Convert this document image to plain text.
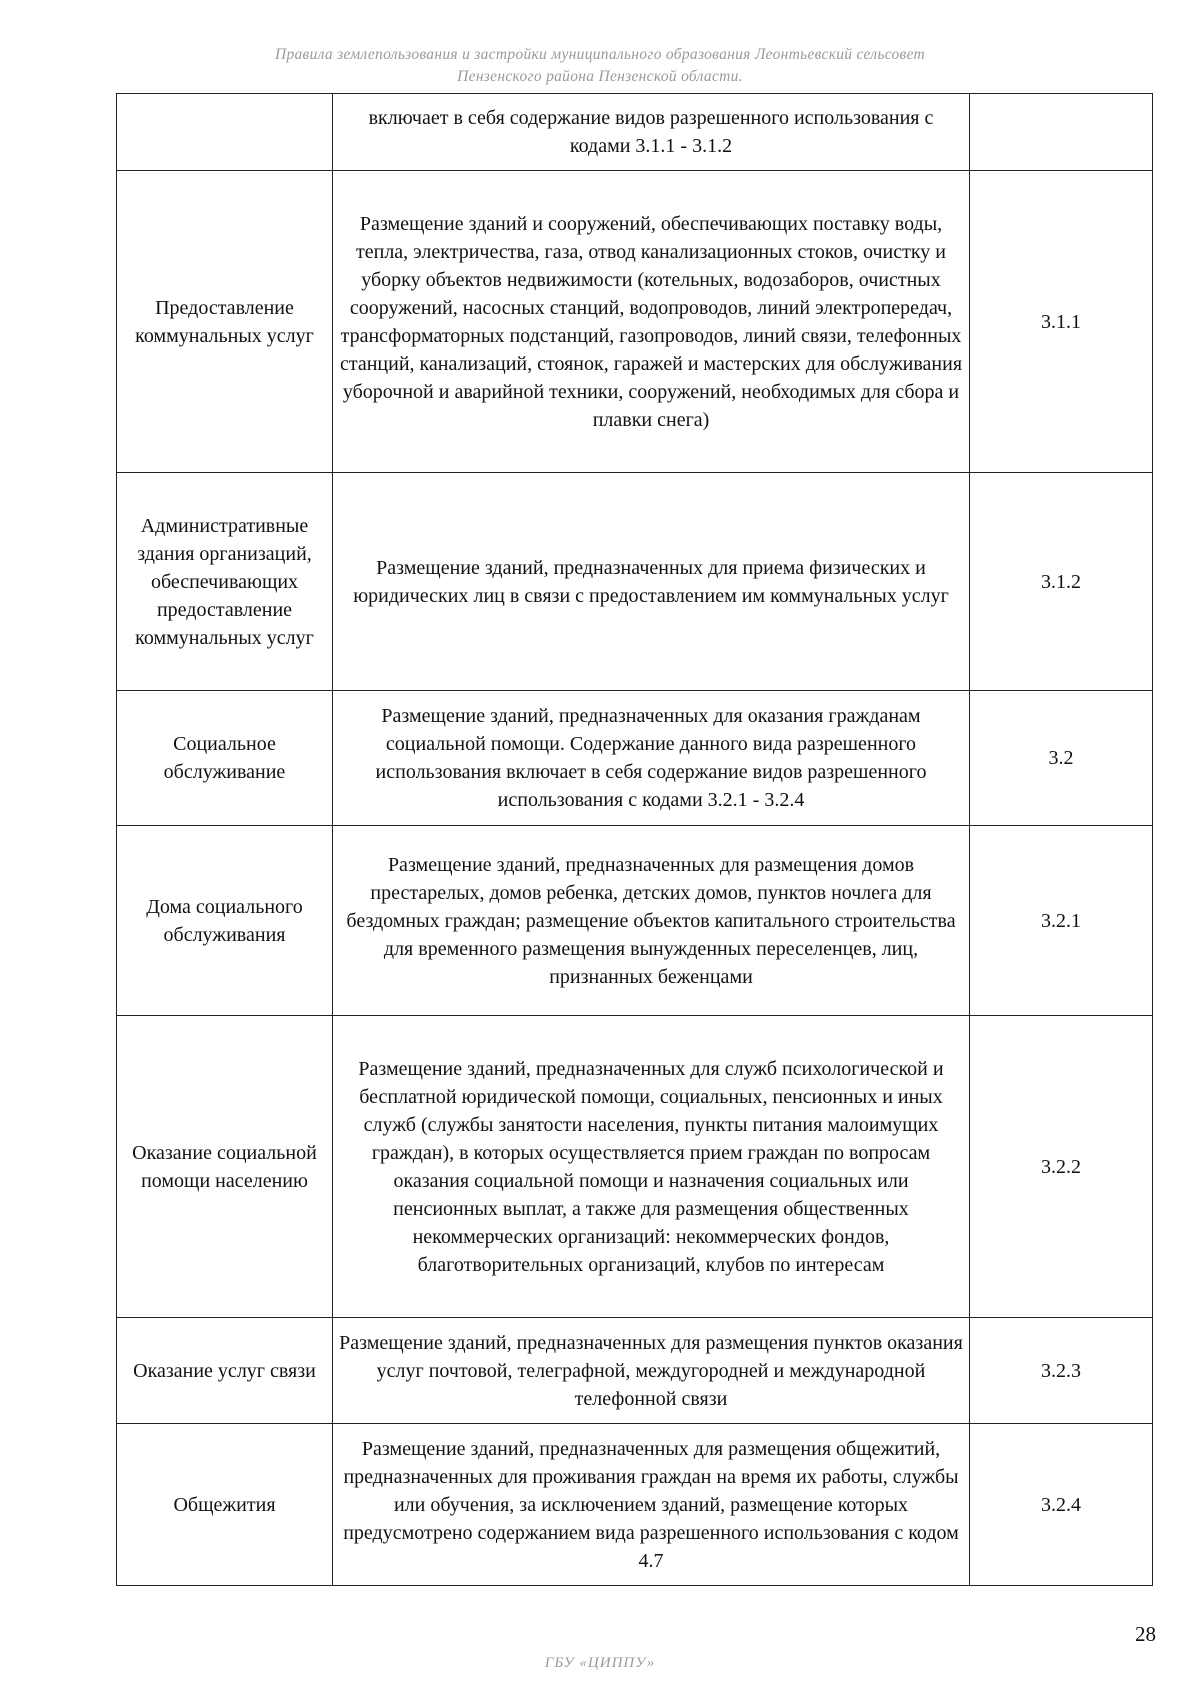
Правила землепользования и застройки муниципального образования Леонтьевский сельсовет
Пензенского района Пензенской области.
	включает в себя содержание видов разрешенного использования с кодами 3.1.1 - 3.1.2	
Предоставление коммунальных услуг	Размещение зданий и сооружений, обеспечивающих поставку воды, тепла, электричества, газа, отвод канализационных стоков, очистку и уборку объектов недвижимости (котельных, водозаборов, очистных сооружений, насосных станций, водопроводов, линий электропередач, трансформаторных подстанций, газопроводов, линий связи, телефонных станций, канализаций, стоянок, гаражей и мастерских для обслуживания уборочной и аварийной техники, сооружений, необходимых для сбора и плавки снега)	3.1.1
Административные здания организаций, обеспечивающих предоставление коммунальных услуг	Размещение зданий, предназначенных для приема физических и юридических лиц в связи с предоставлением им коммунальных услуг	3.1.2
Социальное обслуживание	Размещение зданий, предназначенных для оказания гражданам социальной помощи. Содержание данного вида разрешенного использования включает в себя содержание видов разрешенного использования с кодами 3.2.1 - 3.2.4	3.2
Дома социального обслуживания	Размещение зданий, предназначенных для размещения домов престарелых, домов ребенка, детских домов, пунктов ночлега для бездомных граждан; размещение объектов капитального строительства для временного размещения вынужденных переселенцев, лиц, признанных беженцами	3.2.1
Оказание социальной помощи населению	Размещение зданий, предназначенных для служб психологической и бесплатной юридической помощи, социальных, пенсионных и иных служб (службы занятости населения, пункты питания малоимущих граждан), в которых осуществляется прием граждан по вопросам оказания социальной помощи и назначения социальных или пенсионных выплат, а также для размещения общественных некоммерческих организаций: некоммерческих фондов, благотворительных организаций, клубов по интересам	3.2.2
Оказание услуг связи	Размещение зданий, предназначенных для размещения пунктов оказания услуг почтовой, телеграфной, междугородней и международной телефонной связи	3.2.3
Общежития	Размещение зданий, предназначенных для размещения общежитий, предназначенных для проживания граждан на время их работы, службы или обучения, за исключением зданий, размещение которых предусмотрено содержанием вида разрешенного использования с кодом 4.7	3.2.4
28
ГБУ «ЦИППУ»
